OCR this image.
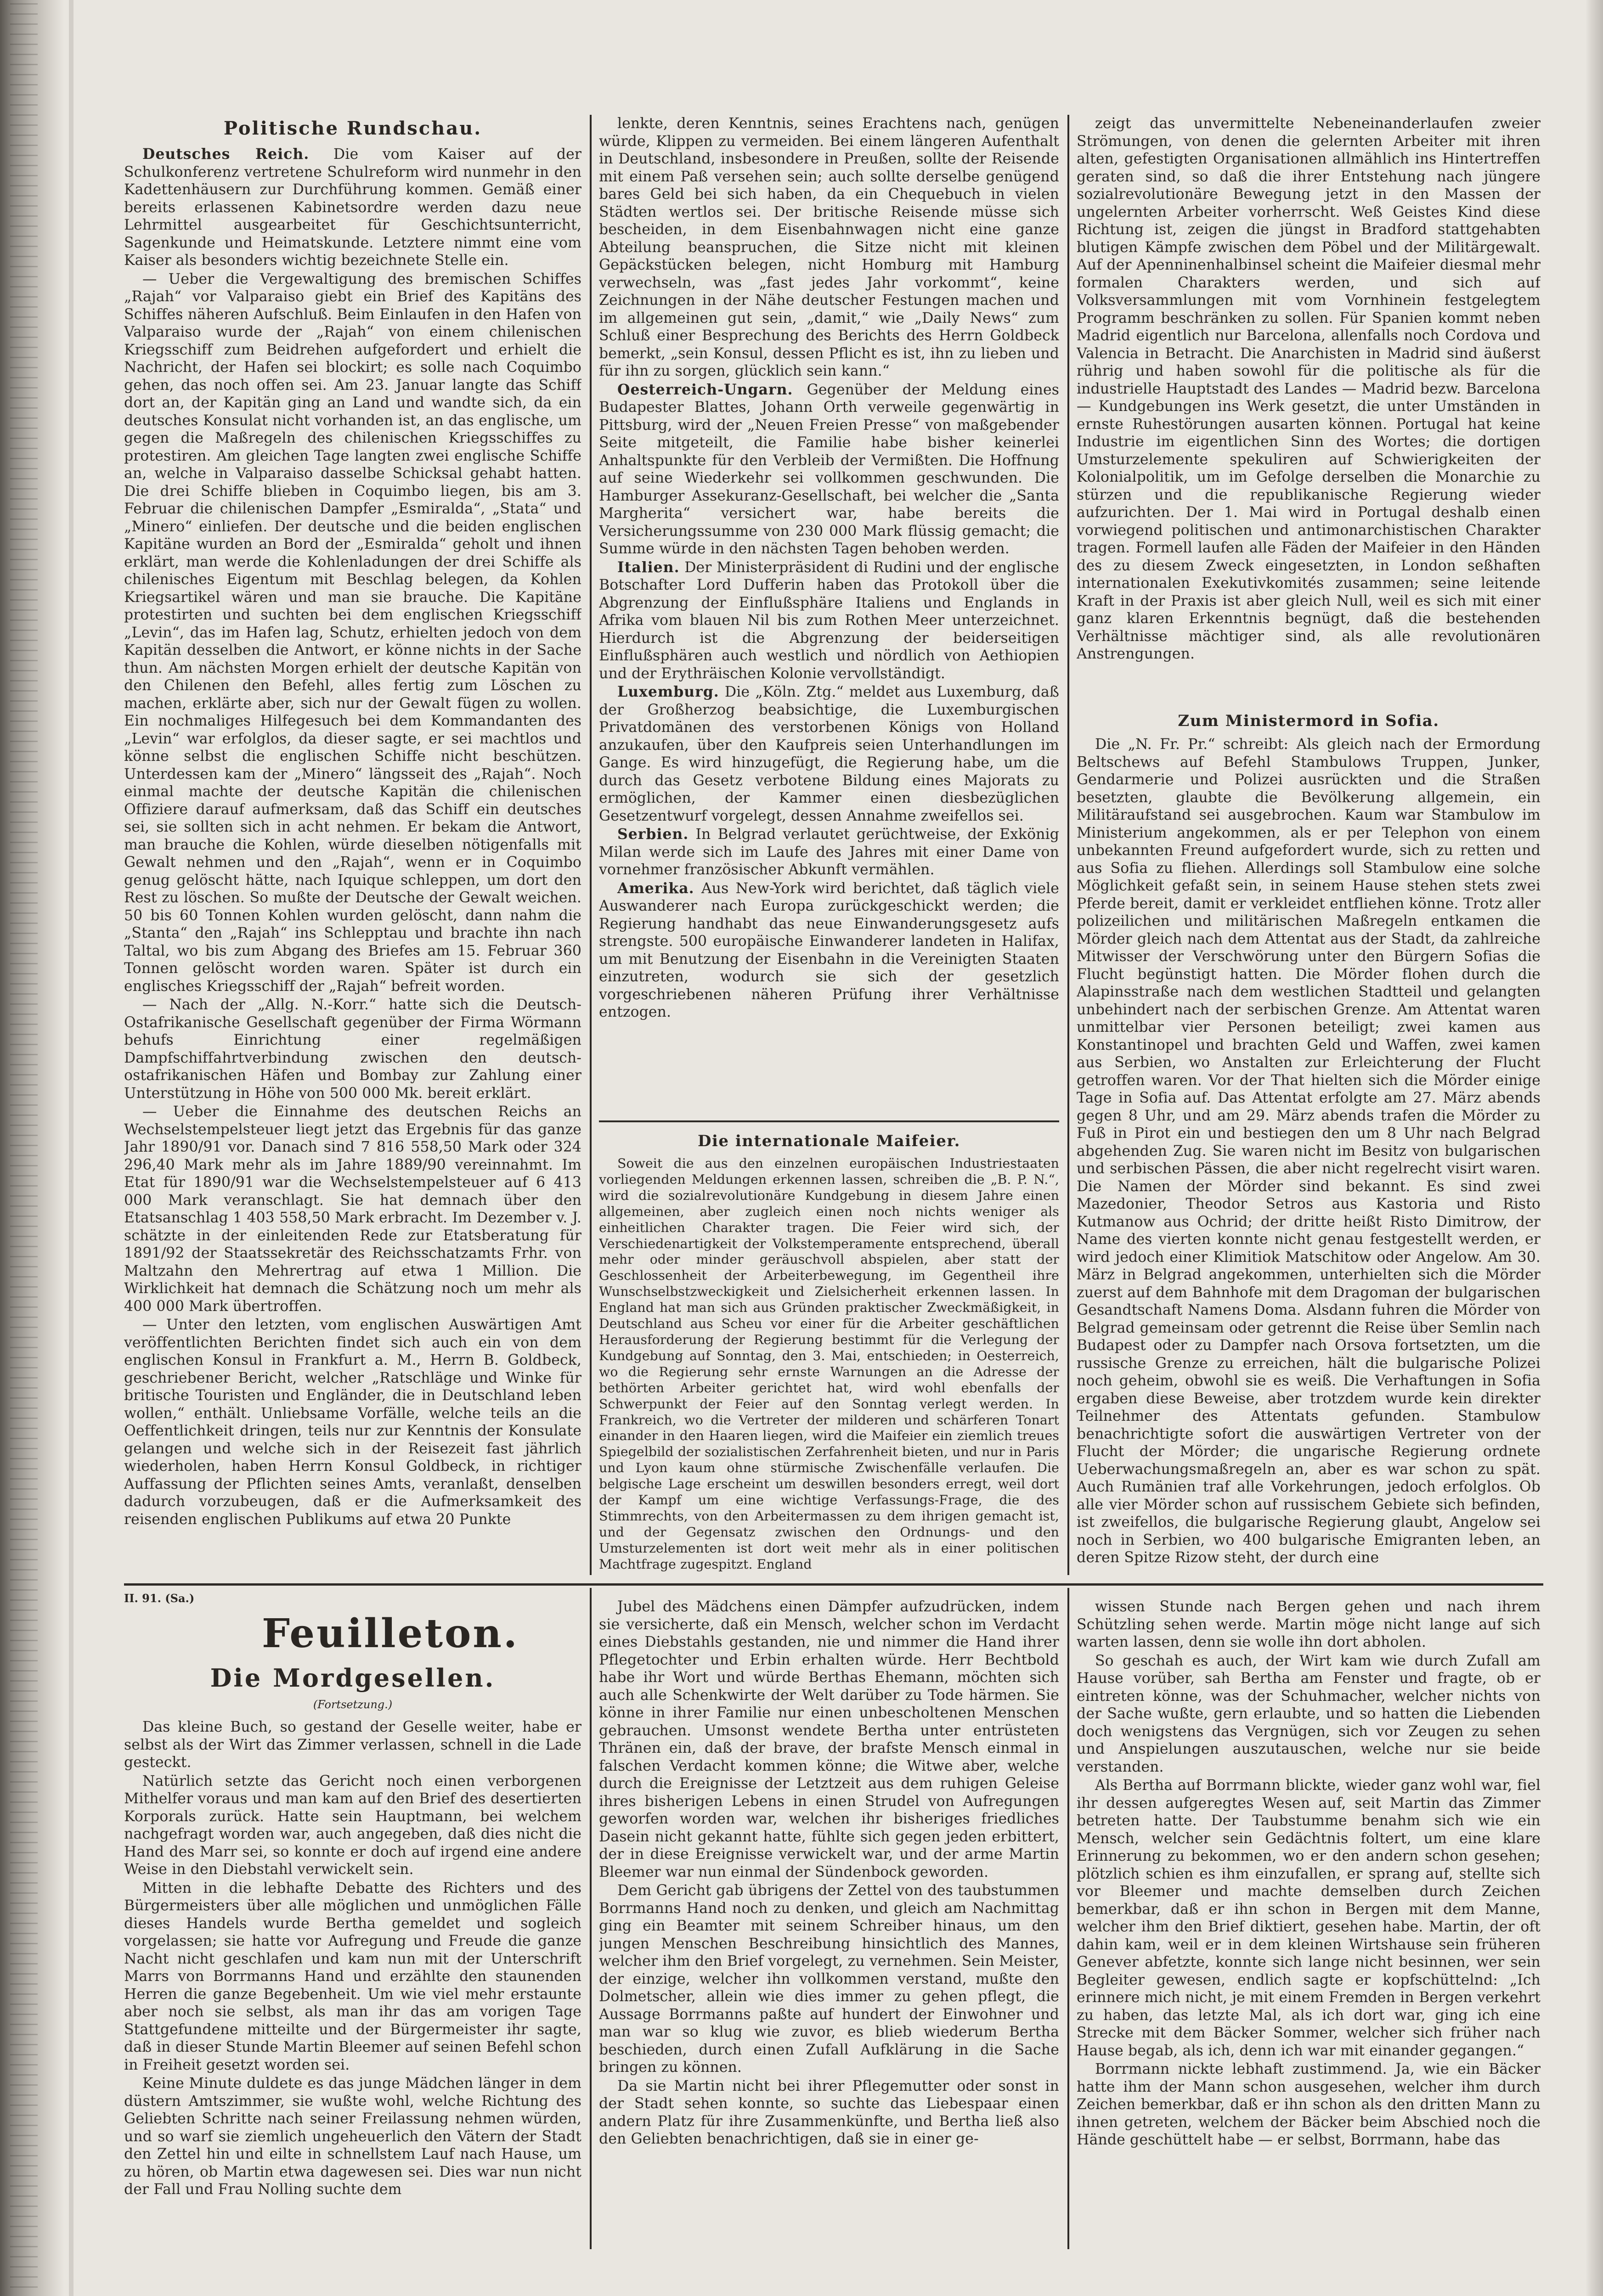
Politische Rundschau.

Deutsches Reich. Die vom Kaiser auf der Schulkonferenz vertretene Schulreform wird nunmehr in den Kadettenhäusern zur Durchführung kommen. Gemäß einer bereits erlassenen Kabinetsordre werden dazu neue Lehrmittel ausgearbeitet für Geschichtsunterricht, Sagenkunde und Heimatskunde. Letztere nimmt eine vom Kaiser als besonders wichtig bezeichnete Stelle ein.

— Ueber die Vergewaltigung des bremischen Schiffes „Rajah“ vor Valparaiso giebt ein Brief des Kapitäns des Schiffes näheren Aufschluß. Beim Einlaufen in den Hafen von Valparaiso wurde der „Rajah“ von einem chilenischen Kriegsschiff zum Beidrehen aufgefordert und erhielt die Nachricht, der Hafen sei blockirt; es solle nach Coquimbo gehen, das noch offen sei. Am 23. Januar langte das Schiff dort an, der Kapitän ging an Land und wandte sich, da ein deutsches Konsulat nicht vorhanden ist, an das englische, um gegen die Maßregeln des chilenischen Kriegsschiffes zu protestiren. Am gleichen Tage langten zwei englische Schiffe an, welche in Valparaiso dasselbe Schicksal gehabt hatten. Die drei Schiffe blieben in Coquimbo liegen, bis am 3. Februar die chilenischen Dampfer „Esmiralda“, „Stata“ und „Minero“ einliefen. Der deutsche und die beiden englischen Kapitäne wurden an Bord der „Esmiralda“ geholt und ihnen erklärt, man werde die Kohlenladungen der drei Schiffe als chilenisches Eigentum mit Beschlag belegen, da Kohlen Kriegsartikel wären und man sie brauche. Die Kapitäne protestirten und suchten bei dem englischen Kriegsschiff „Levin“, das im Hafen lag, Schutz, erhielten jedoch von dem Kapitän desselben die Antwort, er könne nichts in der Sache thun. Am nächsten Morgen erhielt der deutsche Kapitän von den Chilenen den Befehl, alles fertig zum Löschen zu machen, erklärte aber, sich nur der Gewalt fügen zu wollen. Ein nochmaliges Hilfegesuch bei dem Kommandanten des „Levin“ war erfolglos, da dieser sagte, er sei machtlos und könne selbst die englischen Schiffe nicht beschützen. Unterdessen kam der „Minero“ längsseit des „Rajah“. Noch einmal machte der deutsche Kapitän die chilenischen Offiziere darauf aufmerksam, daß das Schiff ein deutsches sei, sie sollten sich in acht nehmen. Er bekam die Antwort, man brauche die Kohlen, würde dieselben nötigenfalls mit Gewalt nehmen und den „Rajah“, wenn er in Coquimbo genug gelöscht hätte, nach Iquique schleppen, um dort den Rest zu löschen. So mußte der Deutsche der Gewalt weichen. 50 bis 60 Tonnen Kohlen wurden gelöscht, dann nahm die „Stanta“ den „Rajah“ ins Schlepptau und brachte ihn nach Taltal, wo bis zum Abgang des Briefes am 15. Februar 360 Tonnen gelöscht worden waren. Später ist durch ein englisches Kriegsschiff der „Rajah“ befreit worden.

— Nach der „Allg. N.-Korr.“ hatte sich die Deutsch-Ostafrikanische Gesellschaft gegenüber der Firma Wörmann behufs Einrichtung einer regelmäßigen Dampfschiffahrtverbindung zwischen den deutsch-ostafrikanischen Häfen und Bombay zur Zahlung einer Unterstützung in Höhe von 500 000 Mk. bereit erklärt.

— Ueber die Einnahme des deutschen Reichs an Wechselstempelsteuer liegt jetzt das Ergebnis für das ganze Jahr 1890/91 vor. Danach sind 7 816 558,50 Mark oder 324 296,40 Mark mehr als im Jahre 1889/90 vereinnahmt. Im Etat für 1890/91 war die Wechselstempelsteuer auf 6 413 000 Mark veranschlagt. Sie hat demnach über den Etatsanschlag 1 403 558,50 Mark erbracht. Im Dezember v. J. schätzte in der einleitenden Rede zur Etatsberatung für 1891/92 der Staatssekretär des Reichsschatzamts Frhr. von Maltzahn den Mehrertrag auf etwa 1 Million. Die Wirklichkeit hat demnach die Schätzung noch um mehr als 400 000 Mark übertroffen.

— Unter den letzten, vom englischen Auswärtigen Amt veröffentlichten Berichten findet sich auch ein von dem englischen Konsul in Frankfurt a. M., Herrn B. Goldbeck, geschriebener Bericht, welcher „Ratschläge und Winke für britische Touristen und Engländer, die in Deutschland leben wollen,“ enthält. Unliebsame Vorfälle, welche teils an die Oeffentlichkeit dringen, teils nur zur Kenntnis der Konsulate gelangen und welche sich in der Reisezeit fast jährlich wiederholen, haben Herrn Konsul Goldbeck, in richtiger Auffassung der Pflichten seines Amts, veranlaßt, denselben dadurch vorzubeugen, daß er die Aufmerksamkeit des reisenden englischen Publikums auf etwa 20 Punkte

lenkte, deren Kenntnis, seines Erachtens nach, genügen würde, Klippen zu vermeiden. Bei einem längeren Aufenthalt in Deutschland, insbesondere in Preußen, sollte der Reisende mit einem Paß versehen sein; auch sollte derselbe genügend bares Geld bei sich haben, da ein Chequebuch in vielen Städten wertlos sei. Der britische Reisende müsse sich bescheiden, in dem Eisenbahnwagen nicht eine ganze Abteilung beanspruchen, die Sitze nicht mit kleinen Gepäckstücken belegen, nicht Homburg mit Hamburg verwechseln, was „fast jedes Jahr vorkommt“, keine Zeichnungen in der Nähe deutscher Festungen machen und im allgemeinen gut sein, „damit,“ wie „Daily News“ zum Schluß einer Besprechung des Berichts des Herrn Goldbeck bemerkt, „sein Konsul, dessen Pflicht es ist, ihn zu lieben und für ihn zu sorgen, glücklich sein kann.“

Oesterreich-Ungarn. Gegenüber der Meldung eines Budapester Blattes, Johann Orth verweile gegenwärtig in Pittsburg, wird der „Neuen Freien Presse“ von maßgebender Seite mitgeteilt, die Familie habe bisher keinerlei Anhaltspunkte für den Verbleib der Vermißten. Die Hoffnung auf seine Wiederkehr sei vollkommen geschwunden. Die Hamburger Assekuranz-Gesellschaft, bei welcher die „Santa Margherita“ versichert war, habe bereits die Versicherungssumme von 230 000 Mark flüssig gemacht; die Summe würde in den nächsten Tagen behoben werden.

Italien. Der Ministerpräsident di Rudini und der englische Botschafter Lord Dufferin haben das Protokoll über die Abgrenzung der Einflußsphäre Italiens und Englands in Afrika vom blauen Nil bis zum Rothen Meer unterzeichnet. Hierdurch ist die Abgrenzung der beiderseitigen Einflußsphären auch westlich und nördlich von Aethiopien und der Erythräischen Kolonie vervollständigt.

Luxemburg. Die „Köln. Ztg.“ meldet aus Luxemburg, daß der Großherzog beabsichtige, die Luxemburgischen Privatdomänen des verstorbenen Königs von Holland anzukaufen, über den Kaufpreis seien Unterhandlungen im Gange. Es wird hinzugefügt, die Regierung habe, um die durch das Gesetz verbotene Bildung eines Majorats zu ermöglichen, der Kammer einen diesbezüglichen Gesetzentwurf vorgelegt, dessen Annahme zweifellos sei.

Serbien. In Belgrad verlautet gerüchtweise, der Exkönig Milan werde sich im Laufe des Jahres mit einer Dame von vornehmer französischer Abkunft vermählen.

Amerika. Aus New-York wird berichtet, daß täglich viele Auswanderer nach Europa zurückgeschickt werden; die Regierung handhabt das neue Einwanderungsgesetz aufs strengste. 500 europäische Einwanderer landeten in Halifax, um mit Benutzung der Eisenbahn in die Vereinigten Staaten einzutreten, wodurch sie sich der gesetzlich vorgeschriebenen näheren Prüfung ihrer Verhältnisse entzogen.

Die internationale Maifeier.

Soweit die aus den einzelnen europäischen Industriestaaten vorliegenden Meldungen erkennen lassen, schreiben die „B. P. N.“, wird die sozialrevolutionäre Kundgebung in diesem Jahre einen allgemeinen, aber zugleich einen noch nichts weniger als einheitlichen Charakter tragen. Die Feier wird sich, der Verschiedenartigkeit der Volkstemperamente entsprechend, überall mehr oder minder geräuschvoll abspielen, aber statt der Geschlossenheit der Arbeiterbewegung, im Gegentheil ihre Wunschselbstzweckigkeit und Zielsicherheit erkennen lassen. In England hat man sich aus Gründen praktischer Zweckmäßigkeit, in Deutschland aus Scheu vor einer für die Arbeiter geschäftlichen Herausforderung der Regierung bestimmt für die Verlegung der Kundgebung auf Sonntag, den 3. Mai, entschieden; in Oesterreich, wo die Regierung sehr ernste Warnungen an die Adresse der bethörten Arbeiter gerichtet hat, wird wohl ebenfalls der Schwerpunkt der Feier auf den Sonntag verlegt werden. In Frankreich, wo die Vertreter der milderen und schärferen Tonart einander in den Haaren liegen, wird die Maifeier ein ziemlich treues Spiegelbild der sozialistischen Zerfahrenheit bieten, und nur in Paris und Lyon kaum ohne stürmische Zwischenfälle verlaufen. Die belgische Lage erscheint um deswillen besonders erregt, weil dort der Kampf um eine wichtige Verfassungs-Frage, die des Stimmrechts, von den Arbeitermassen zu dem ihrigen gemacht ist, und der Gegensatz zwischen den Ordnungs- und den Umsturzelementen ist dort weit mehr als in einer politischen Machtfrage zugespitzt. England

zeigt das unvermittelte Nebeneinanderlaufen zweier Strömungen, von denen die gelernten Arbeiter mit ihren alten, gefestigten Organisationen allmählich ins Hintertreffen geraten sind, so daß die ihrer Entstehung nach jüngere sozialrevolutionäre Bewegung jetzt in den Massen der ungelernten Arbeiter vorherrscht. Weß Geistes Kind diese Richtung ist, zeigen die jüngst in Bradford stattgehabten blutigen Kämpfe zwischen dem Pöbel und der Militärgewalt. Auf der Apenninenhalbinsel scheint die Maifeier diesmal mehr formalen Charakters werden, und sich auf Volksversammlungen mit vom Vornhinein festgelegtem Programm beschränken zu sollen. Für Spanien kommt neben Madrid eigentlich nur Barcelona, allenfalls noch Cordova und Valencia in Betracht. Die Anarchisten in Madrid sind äußerst rührig und haben sowohl für die politische als für die industrielle Hauptstadt des Landes — Madrid bezw. Barcelona — Kundgebungen ins Werk gesetzt, die unter Umständen in ernste Ruhestörungen ausarten können. Portugal hat keine Industrie im eigentlichen Sinn des Wortes; die dortigen Umsturzelemente spekuliren auf Schwierigkeiten der Kolonialpolitik, um im Gefolge derselben die Monarchie zu stürzen und die republikanische Regierung wieder aufzurichten. Der 1. Mai wird in Portugal deshalb einen vorwiegend politischen und antimonarchistischen Charakter tragen. Formell laufen alle Fäden der Maifeier in den Händen des zu diesem Zweck eingesetzten, in London seßhaften internationalen Exekutivkomités zusammen; seine leitende Kraft in der Praxis ist aber gleich Null, weil es sich mit einer ganz klaren Erkenntnis begnügt, daß die bestehenden Verhältnisse mächtiger sind, als alle revolutionären Anstrengungen.

Zum Ministermord in Sofia.

Die „N. Fr. Pr.“ schreibt: Als gleich nach der Ermordung Beltschews auf Befehl Stambulows Truppen, Junker, Gendarmerie und Polizei ausrückten und die Straßen besetzten, glaubte die Bevölkerung allgemein, ein Militäraufstand sei ausgebrochen. Kaum war Stambulow im Ministerium angekommen, als er per Telephon von einem unbekannten Freund aufgefordert wurde, sich zu retten und aus Sofia zu fliehen. Allerdings soll Stambulow eine solche Möglichkeit gefaßt sein, in seinem Hause stehen stets zwei Pferde bereit, damit er verkleidet entfliehen könne. Trotz aller polizeilichen und militärischen Maßregeln entkamen die Mörder gleich nach dem Attentat aus der Stadt, da zahlreiche Mitwisser der Verschwörung unter den Bürgern Sofias die Flucht begünstigt hatten. Die Mörder flohen durch die Alapinsstraße nach dem westlichen Stadtteil und gelangten unbehindert nach der serbischen Grenze. Am Attentat waren unmittelbar vier Personen beteiligt; zwei kamen aus Konstantinopel und brachten Geld und Waffen, zwei kamen aus Serbien, wo Anstalten zur Erleichterung der Flucht getroffen waren. Vor der That hielten sich die Mörder einige Tage in Sofia auf. Das Attentat erfolgte am 27. März abends gegen 8 Uhr, und am 29. März abends trafen die Mörder zu Fuß in Pirot ein und bestiegen den um 8 Uhr nach Belgrad abgehenden Zug. Sie waren nicht im Besitz von bulgarischen und serbischen Pässen, die aber nicht regelrecht visirt waren. Die Namen der Mörder sind bekannt. Es sind zwei Mazedonier, Theodor Setros aus Kastoria und Risto Kutmanow aus Ochrid; der dritte heißt Risto Dimitrow, der Name des vierten konnte nicht genau festgestellt werden, er wird jedoch einer Klimitiok Matschitow oder Angelow. Am 30. März in Belgrad angekommen, unterhielten sich die Mörder zuerst auf dem Bahnhofe mit dem Dragoman der bulgarischen Gesandtschaft Namens Doma. Alsdann fuhren die Mörder von Belgrad gemeinsam oder getrennt die Reise über Semlin nach Budapest oder zu Dampfer nach Orsova fortsetzten, um die russische Grenze zu erreichen, hält die bulgarische Polizei noch geheim, obwohl sie es weiß. Die Verhaftungen in Sofia ergaben diese Beweise, aber trotzdem wurde kein direkter Teilnehmer des Attentats gefunden. Stambulow benachrichtigte sofort die auswärtigen Vertreter von der Flucht der Mörder; die ungarische Regierung ordnete Ueberwachungsmaßregeln an, aber es war schon zu spät. Auch Rumänien traf alle Vorkehrungen, jedoch erfolglos. Ob alle vier Mörder schon auf russischem Gebiete sich befinden, ist zweifellos, die bulgarische Regierung glaubt, Angelow sei noch in Serbien, wo 400 bulgarische Emigranten leben, an deren Spitze Rizow steht, der durch eine

II. 91. (Sa.)
Feuilleton.
Die Mordgesellen.
(Fortsetzung.)

Das kleine Buch, so gestand der Geselle weiter, habe er selbst als der Wirt das Zimmer verlassen, schnell in die Lade gesteckt.

Natürlich setzte das Gericht noch einen verborgenen Mithelfer voraus und man kam auf den Brief des desertierten Korporals zurück. Hatte sein Hauptmann, bei welchem nachgefragt worden war, auch angegeben, daß dies nicht die Hand des Marr sei, so konnte er doch auf irgend eine andere Weise in den Diebstahl verwickelt sein.

Mitten in die lebhafte Debatte des Richters und des Bürgermeisters über alle möglichen und unmöglichen Fälle dieses Handels wurde Bertha gemeldet und sogleich vorgelassen; sie hatte vor Aufregung und Freude die ganze Nacht nicht geschlafen und kam nun mit der Unterschrift Marrs von Borrmanns Hand und erzählte den staunenden Herren die ganze Begebenheit. Um wie viel mehr erstaunte aber noch sie selbst, als man ihr das am vorigen Tage Stattgefundene mitteilte und der Bürgermeister ihr sagte, daß in dieser Stunde Martin Bleemer auf seinen Befehl schon in Freiheit gesetzt worden sei.

Keine Minute duldete es das junge Mädchen länger in dem düstern Amtszimmer, sie wußte wohl, welche Richtung des Geliebten Schritte nach seiner Freilassung nehmen würden, und so warf sie ziemlich ungeheuerlich den Vätern der Stadt den Zettel hin und eilte in schnellstem Lauf nach Hause, um zu hören, ob Martin etwa dagewesen sei. Dies war nun nicht der Fall und Frau Nolling suchte dem

Jubel des Mädchens einen Dämpfer aufzudrücken, indem sie versicherte, daß ein Mensch, welcher schon im Verdacht eines Diebstahls gestanden, nie und nimmer die Hand ihrer Pflegetochter und Erbin erhalten würde. Herr Bechtbold habe ihr Wort und würde Berthas Ehemann, möchten sich auch alle Schenkwirte der Welt darüber zu Tode härmen. Sie könne in ihrer Familie nur einen unbescholtenen Menschen gebrauchen. Umsonst wendete Bertha unter entrüsteten Thränen ein, daß der brave, der brafste Mensch einmal in falschen Verdacht kommen könne; die Witwe aber, welche durch die Ereignisse der Letztzeit aus dem ruhigen Geleise ihres bisherigen Lebens in einen Strudel von Aufregungen geworfen worden war, welchen ihr bisheriges friedliches Dasein nicht gekannt hatte, fühlte sich gegen jeden erbittert, der in diese Ereignisse verwickelt war, und der arme Martin Bleemer war nun einmal der Sündenbock geworden.

Dem Gericht gab übrigens der Zettel von des taubstummen Borrmanns Hand noch zu denken, und gleich am Nachmittag ging ein Beamter mit seinem Schreiber hinaus, um den jungen Menschen Beschreibung hinsichtlich des Mannes, welcher ihm den Brief vorgelegt, zu vernehmen. Sein Meister, der einzige, welcher ihn vollkommen verstand, mußte den Dolmetscher, allein wie dies immer zu gehen pflegt, die Aussage Borrmanns paßte auf hundert der Einwohner und man war so klug wie zuvor, es blieb wiederum Bertha beschieden, durch einen Zufall Aufklärung in die Sache bringen zu können.

Da sie Martin nicht bei ihrer Pflegemutter oder sonst in der Stadt sehen konnte, so suchte das Liebespaar einen andern Platz für ihre Zusammenkünfte, und Bertha ließ also den Geliebten benachrichtigen, daß sie in einer ge-

wissen Stunde nach Bergen gehen und nach ihrem Schützling sehen werde. Martin möge nicht lange auf sich warten lassen, denn sie wolle ihn dort abholen.

So geschah es auch, der Wirt kam wie durch Zufall am Hause vorüber, sah Bertha am Fenster und fragte, ob er eintreten könne, was der Schuhmacher, welcher nichts von der Sache wußte, gern erlaubte, und so hatten die Liebenden doch wenigstens das Vergnügen, sich vor Zeugen zu sehen und Anspielungen auszutauschen, welche nur sie beide verstanden.

Als Bertha auf Borrmann blickte, wieder ganz wohl war, fiel ihr dessen aufgeregtes Wesen auf, seit Martin das Zimmer betreten hatte. Der Taubstumme benahm sich wie ein Mensch, welcher sein Gedächtnis foltert, um eine klare Erinnerung zu bekommen, wo er den andern schon gesehen; plötzlich schien es ihm einzufallen, er sprang auf, stellte sich vor Bleemer und machte demselben durch Zeichen bemerkbar, daß er ihn schon in Bergen mit dem Manne, welcher ihm den Brief diktiert, gesehen habe. Martin, der oft dahin kam, weil er in dem kleinen Wirtshause sein früheren Genever abfetzte, konnte sich lange nicht besinnen, wer sein Begleiter gewesen, endlich sagte er kopfschüttelnd: „Ich erinnere mich nicht, je mit einem Fremden in Bergen verkehrt zu haben, das letzte Mal, als ich dort war, ging ich eine Strecke mit dem Bäcker Sommer, welcher sich früher nach Hause begab, als ich, denn ich war mit einander gegangen.“

Borrmann nickte lebhaft zustimmend. Ja, wie ein Bäcker hatte ihm der Mann schon ausgesehen, welcher ihm durch Zeichen bemerkbar, daß er ihn schon als den dritten Mann zu ihnen getreten, welchem der Bäcker beim Abschied noch die Hände geschüttelt habe — er selbst, Borrmann, habe das
